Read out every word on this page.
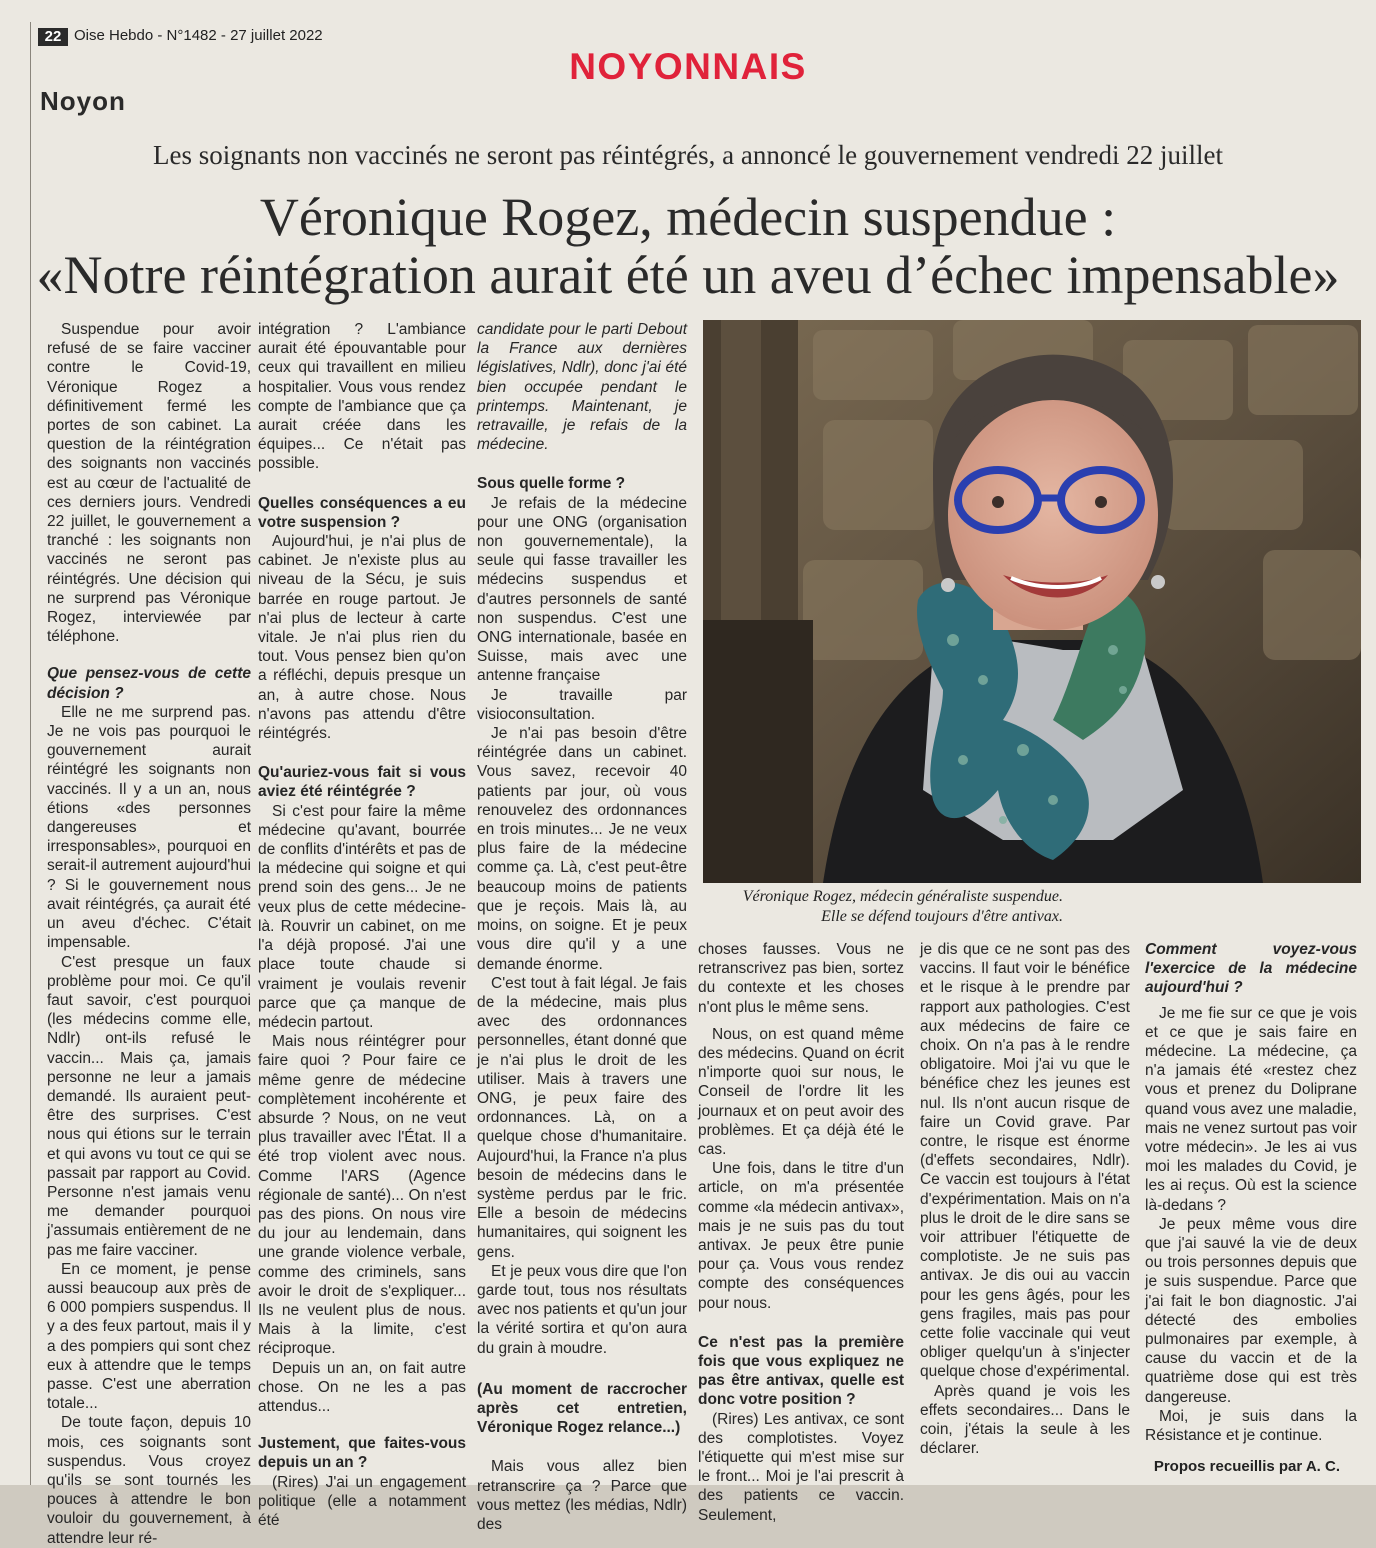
22 Oise Hebdo - N°1482 - 27 juillet 2022
NOYONNAIS
Noyon
Les soignants non vaccinés ne seront pas réintégrés, a annoncé le gouvernement vendredi 22 juillet
Véronique Rogez, médecin suspendue :
«Notre réintégration aurait été un aveu d’échec impensable»

Suspendue pour avoir refusé de se faire vacciner contre le Covid-19, Véronique Rogez a définitivement fermé les portes de son cabinet. La question de la réintégration des soignants non vaccinés est au cœur de l'actualité de ces derniers jours. Vendredi 22 juillet, le gouvernement a tranché : les soignants non vaccinés ne seront pas réintégrés. Une décision qui ne surprend pas Véronique Rogez, interviewée par téléphone.

Que pensez-vous de cette décision ?

Elle ne me surprend pas. Je ne vois pas pourquoi le gouvernement aurait réintégré les soignants non vaccinés. Il y a un an, nous étions «des personnes dangereuses et irresponsables», pourquoi en serait-il autrement aujourd'hui ? Si le gouvernement nous avait réintégrés, ça aurait été un aveu d'échec. C'était impensable.

C'est presque un faux problème pour moi. Ce qu'il faut savoir, c'est pourquoi (les médecins comme elle, Ndlr) ont-ils refusé le vaccin... Mais ça, jamais personne ne leur a jamais demandé. Ils auraient peut-être des surprises. C'est nous qui étions sur le terrain et qui avons vu tout ce qui se passait par rapport au Covid. Personne n'est jamais venu me demander pourquoi j'assumais entièrement de ne pas me faire vacciner.

En ce moment, je pense aussi beaucoup aux près de 6 000 pompiers suspendus. Il y a des feux partout, mais il y a des pompiers qui sont chez eux à attendre que le temps passe. C'est une aberration totale...

De toute façon, depuis 10 mois, ces soignants sont suspendus. Vous croyez qu'ils se sont tournés les pouces à attendre le bon vouloir du gouvernement, à attendre leur ré-

intégration ? L'ambiance aurait été épouvantable pour ceux qui travaillent en milieu hospitalier. Vous vous rendez compte de l'ambiance que ça aurait créée dans les équipes... Ce n'était pas possible.

Quelles conséquences a eu votre suspension ?

Aujourd'hui, je n'ai plus de cabinet. Je n'existe plus au niveau de la Sécu, je suis barrée en rouge partout. Je n'ai plus de lecteur à carte vitale. Je n'ai plus rien du tout. Vous pensez bien qu'on a réfléchi, depuis presque un an, à autre chose. Nous n'avons pas attendu d'être réintégrés.

Qu'auriez-vous fait si vous aviez été réintégrée ?

Si c'est pour faire la même médecine qu'avant, bourrée de conflits d'intérêts et pas de la médecine qui soigne et qui prend soin des gens... Je ne veux plus de cette médecine-là. Rouvrir un cabinet, on me l'a déjà proposé. J'ai une place toute chaude si vraiment je voulais revenir parce que ça manque de médecin partout.

Mais nous réintégrer pour faire quoi ? Pour faire ce même genre de médecine complètement incohérente et absurde ? Nous, on ne veut plus travailler avec l'État. Il a été trop violent avec nous. Comme l'ARS (Agence régionale de santé)... On n'est pas des pions. On nous vire du jour au lendemain, dans une grande violence verbale, comme des criminels, sans avoir le droit de s'expliquer... Ils ne veulent plus de nous. Mais à la limite, c'est réciproque.

Depuis un an, on fait autre chose. On ne les a pas attendus...

Justement, que faites-vous depuis un an ?

(Rires) J'ai un engagement politique (elle a notamment été

candidate pour le parti Debout la France aux dernières législatives, Ndlr), donc j'ai été bien occupée pendant le printemps. Maintenant, je retravaille, je refais de la médecine.

Sous quelle forme ?

Je refais de la médecine pour une ONG (organisation non gouvernementale), la seule qui fasse travailler les médecins suspendus et d'autres personnels de santé non suspendus. C'est une ONG internationale, basée en Suisse, mais avec une antenne française

Je travaille par visioconsultation.

Je n'ai pas besoin d'être réintégrée dans un cabinet. Vous savez, recevoir 40 patients par jour, où vous renouvelez des ordonnances en trois minutes... Je ne veux plus faire de la médecine comme ça. Là, c'est peut-être beaucoup moins de patients que je reçois. Mais là, au moins, on soigne. Et je peux vous dire qu'il y a une demande énorme.

C'est tout à fait légal. Je fais de la médecine, mais plus avec des ordonnances personnelles, étant donné que je n'ai plus le droit de les utiliser. Mais à travers une ONG, je peux faire des ordonnances. Là, on a quelque chose d'humanitaire. Aujourd'hui, la France n'a plus besoin de médecins dans le système perdus par le fric. Elle a besoin de médecins humanitaires, qui soignent les gens.

Et je peux vous dire que l'on garde tout, tous nos résultats avec nos patients et qu'un jour la vérité sortira et qu'on aura du grain à moudre.

(Au moment de raccrocher après cet entretien, Véronique Rogez relance...)

Mais vous allez bien retranscrire ça ? Parce que vous mettez (les médias, Ndlr) des

Véronique Rogez, médecin généraliste suspendue.
Elle se défend toujours d'être antivax.

choses fausses. Vous ne retranscrivez pas bien, sortez du contexte et les choses n'ont plus le même sens.

Nous, on est quand même des médecins. Quand on écrit n'importe quoi sur nous, le Conseil de l'ordre lit les journaux et on peut avoir des problèmes. Et ça déjà été le cas.

Une fois, dans le titre d'un article, on m'a présentée comme «la médecin antivax», mais je ne suis pas du tout antivax. Je peux être punie pour ça. Vous vous rendez compte des conséquences pour nous.

Ce n'est pas la première fois que vous expliquez ne pas être antivax, quelle est donc votre position ?

(Rires) Les antivax, ce sont des complotistes. Voyez l'étiquette qui m'est mise sur le front... Moi je l'ai prescrit à des patients ce vaccin. Seulement,

je dis que ce ne sont pas des vaccins. Il faut voir le bénéfice et le risque à le prendre par rapport aux pathologies. C'est aux médecins de faire ce choix. On n'a pas à le rendre obligatoire. Moi j'ai vu que le bénéfice chez les jeunes est nul. Ils n'ont aucun risque de faire un Covid grave. Par contre, le risque est énorme (d'effets secondaires, Ndlr). Ce vaccin est toujours à l'état d'expérimentation. Mais on n'a plus le droit de le dire sans se voir attribuer l'étiquette de complotiste. Je ne suis pas antivax. Je dis oui au vaccin pour les gens âgés, pour les gens fragiles, mais pas pour cette folie vaccinale qui veut obliger quelqu'un à s'injecter quelque chose d'expérimental.

Après quand je vois les effets secondaires... Dans le coin, j'étais la seule à les déclarer.

Comment voyez-vous l'exercice de la médecine aujourd'hui ?

Je me fie sur ce que je vois et ce que je sais faire en médecine. La médecine, ça n'a jamais été «restez chez vous et prenez du Doliprane quand vous avez une maladie, mais ne venez surtout pas voir votre médecin». Je les ai vus moi les malades du Covid, je les ai reçus. Où est la science là-dedans ?

Je peux même vous dire que j'ai sauvé la vie de deux ou trois personnes depuis que je suis suspendue. Parce que j'ai fait le bon diagnostic. J'ai détecté des embolies pulmonaires par exemple, à cause du vaccin et de la quatrième dose qui est très dangereuse.

Moi, je suis dans la Résistance et je continue.

Propos recueillis par A. C.
